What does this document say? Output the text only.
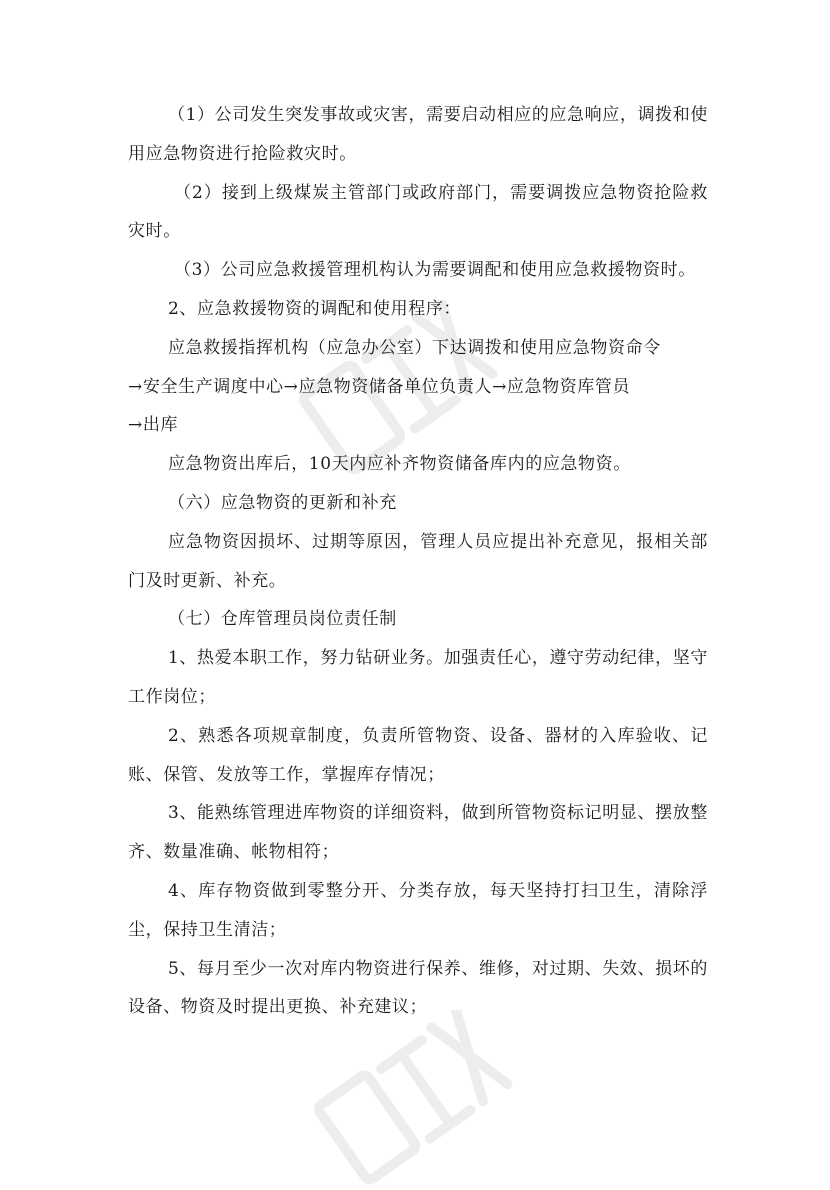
（1）公司发生突发事故或灾害，需要启动相应的应急响应，调拨和使用应急物资进行抢险救灾时。

（2）接到上级煤炭主管部门或政府部门，需要调拨应急物资抢险救灾时。

（3）公司应急救援管理机构认为需要调配和使用应急救援物资时。

2、应急救援物资的调配和使用程序：

应急救援指挥机构（应急办公室）下达调拨和使用应急物资命令

→安全生产调度中心→应急物资储备单位负责人→应急物资库管员

→出库

应急物资出库后，10天内应补齐物资储备库内的应急物资。

（六）应急物资的更新和补充

应急物资因损坏、过期等原因，管理人员应提出补充意见，报相关部门及时更新、补充。

（七）仓库管理员岗位责任制

1、热爱本职工作，努力钻研业务。加强责任心，遵守劳动纪律，坚守工作岗位；

2、熟悉各项规章制度，负责所管物资、设备、器材的入库验收、记账、保管、发放等工作，掌握库存情况；

3、能熟练管理进库物资的详细资料，做到所管物资标记明显、摆放整齐、数量准确、帐物相符；

4、库存物资做到零整分开、分类存放，每天坚持打扫卫生，清除浮尘，保持卫生清洁；

5、每月至少一次对库内物资进行保养、维修，对过期、失效、损坏的设备、物资及时提出更换、补充建议；
